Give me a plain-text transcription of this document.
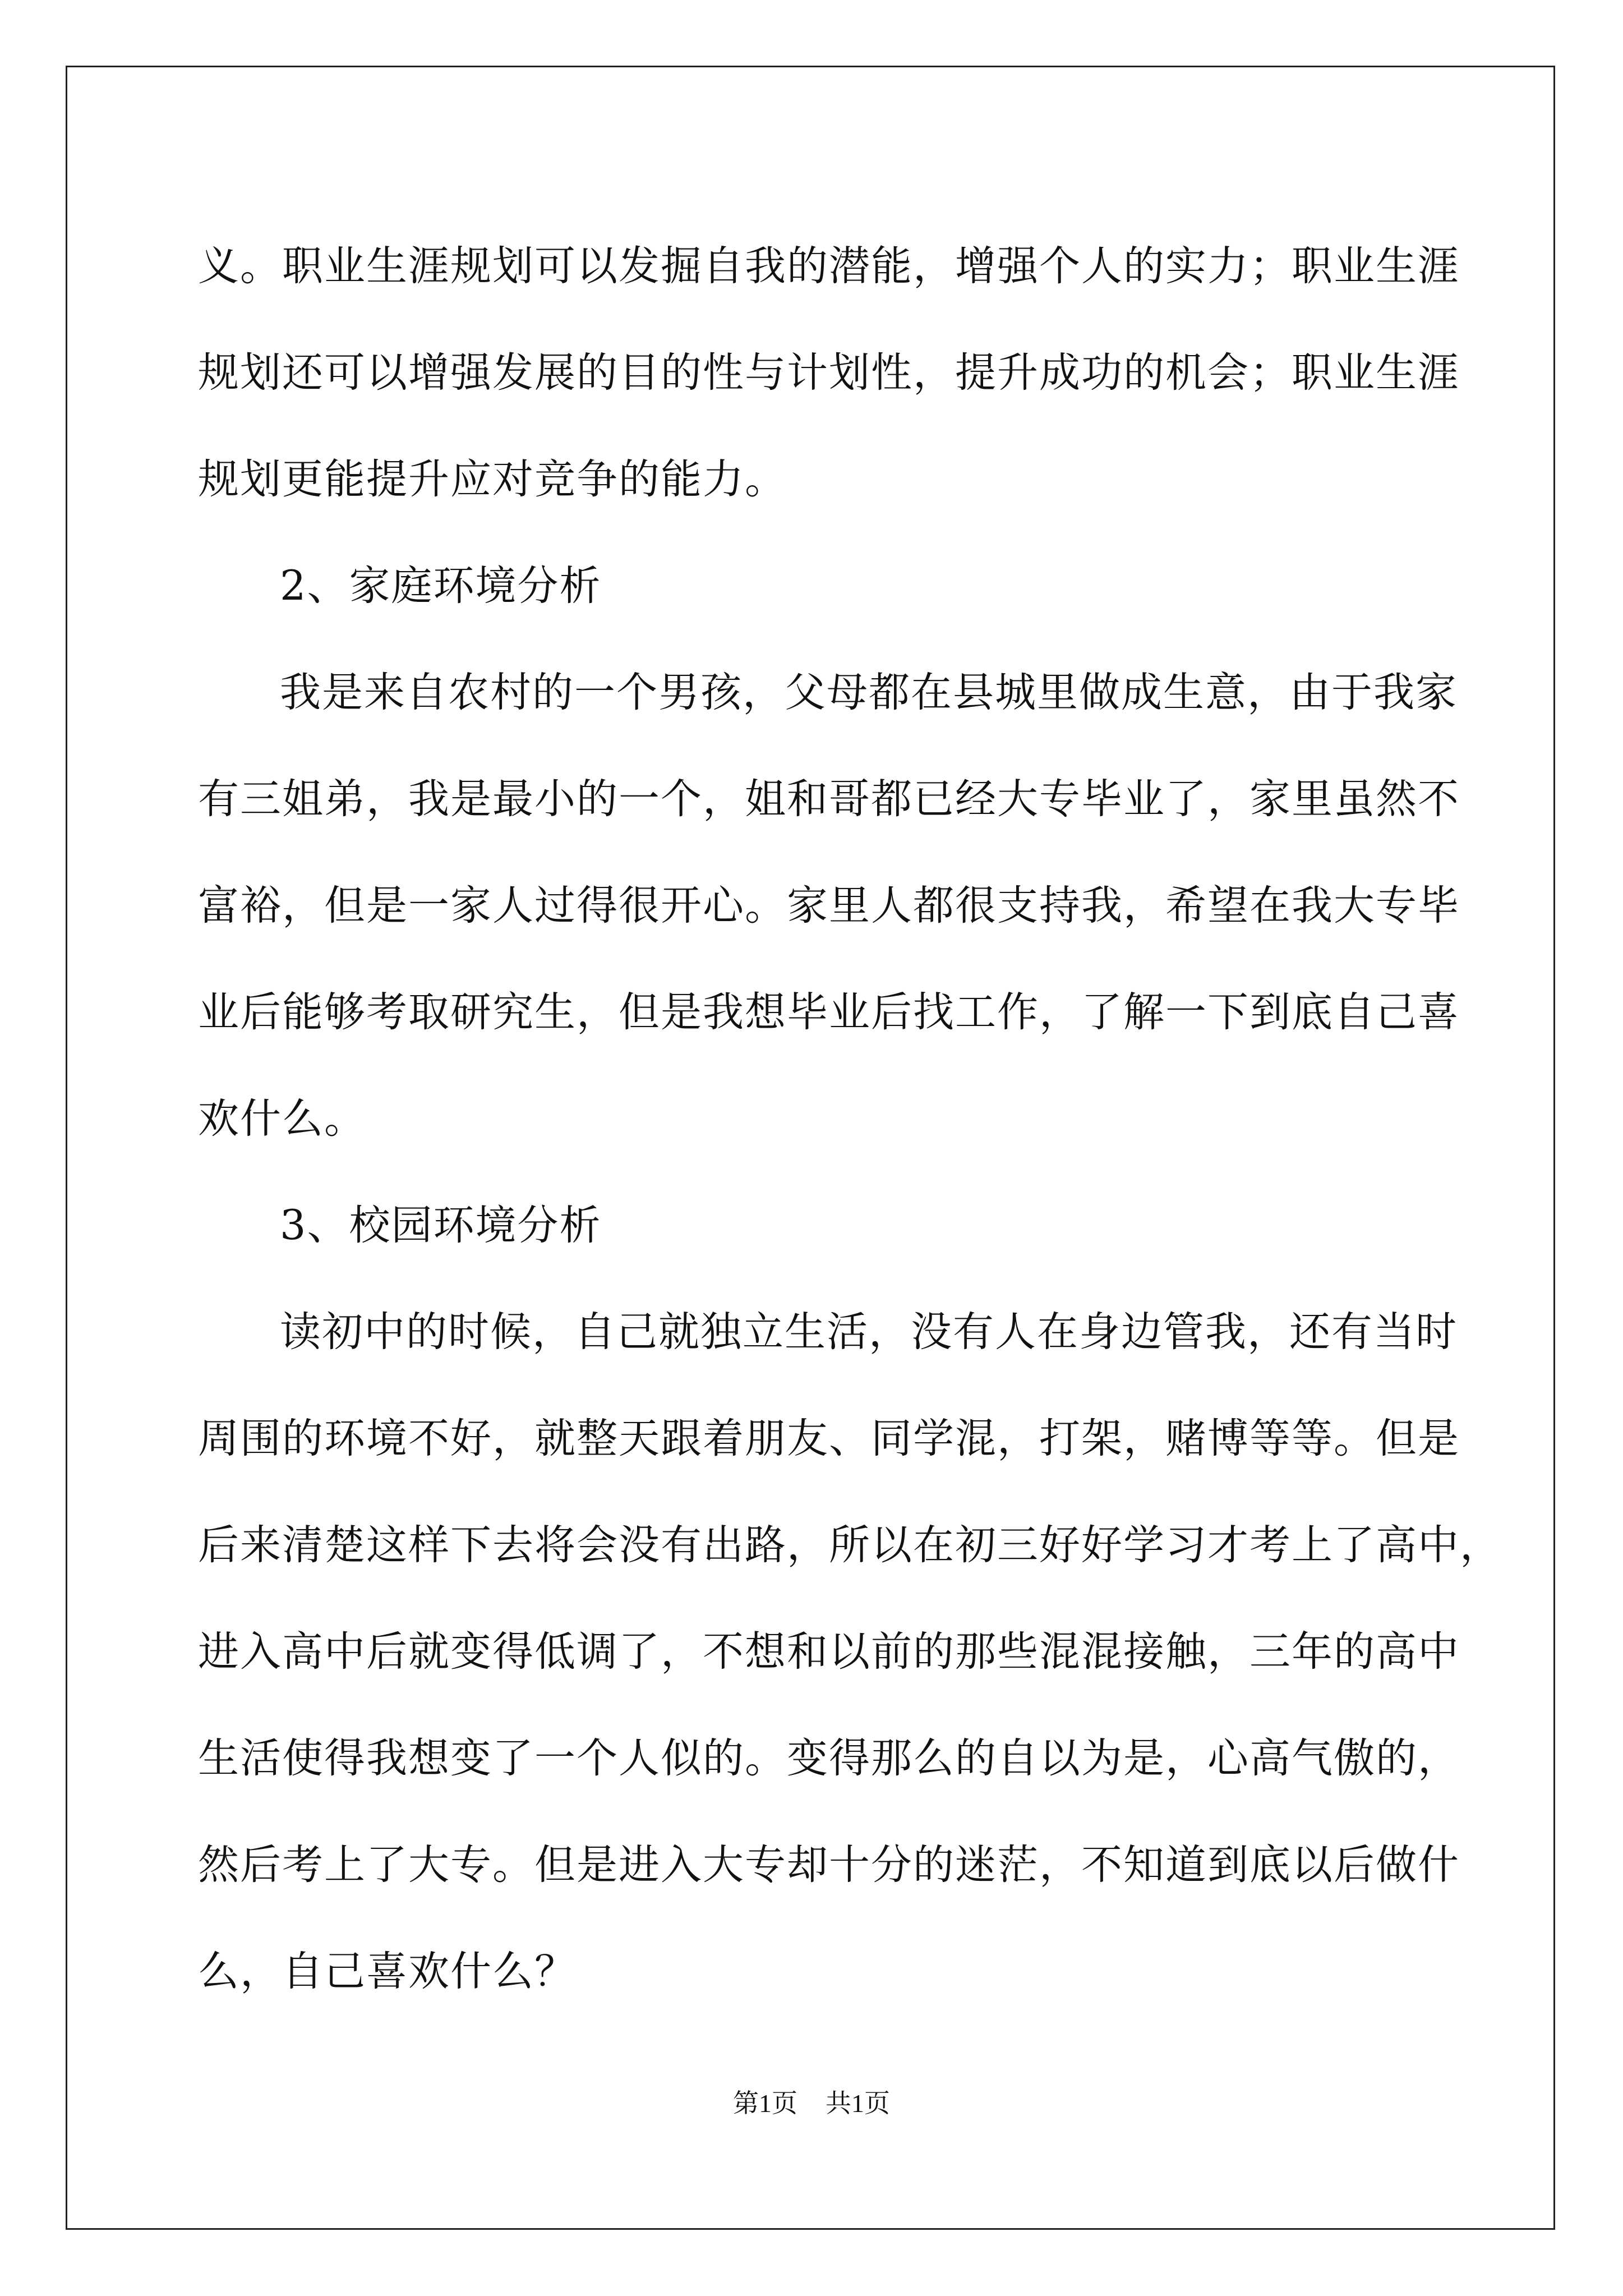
义。职业生涯规划可以发掘自我的潜能，增强个人的实力；职业生涯
规划还可以增强发展的目的性与计划性，提升成功的机会；职业生涯
规划更能提升应对竞争的能力。
2、家庭环境分析
我是来自农村的一个男孩，父母都在县城里做成生意，由于我家
有三姐弟，我是最小的一个，姐和哥都已经大专毕业了，家里虽然不
富裕，但是一家人过得很开心。家里人都很支持我，希望在我大专毕
业后能够考取研究生，但是我想毕业后找工作，了解一下到底自己喜
欢什么。
3、校园环境分析
读初中的时候，自己就独立生活，没有人在身边管我，还有当时
周围的环境不好，就整天跟着朋友、同学混，打架，赌博等等。但是
后来清楚这样下去将会没有出路，所以在初三好好学习才考上了高中，
进入高中后就变得低调了，不想和以前的那些混混接触，三年的高中
生活使得我想变了一个人似的。变得那么的自以为是，心高气傲的，
然后考上了大专。但是进入大专却十分的迷茫，不知道到底以后做什
么，自己喜欢什么？
第1页 共1页
